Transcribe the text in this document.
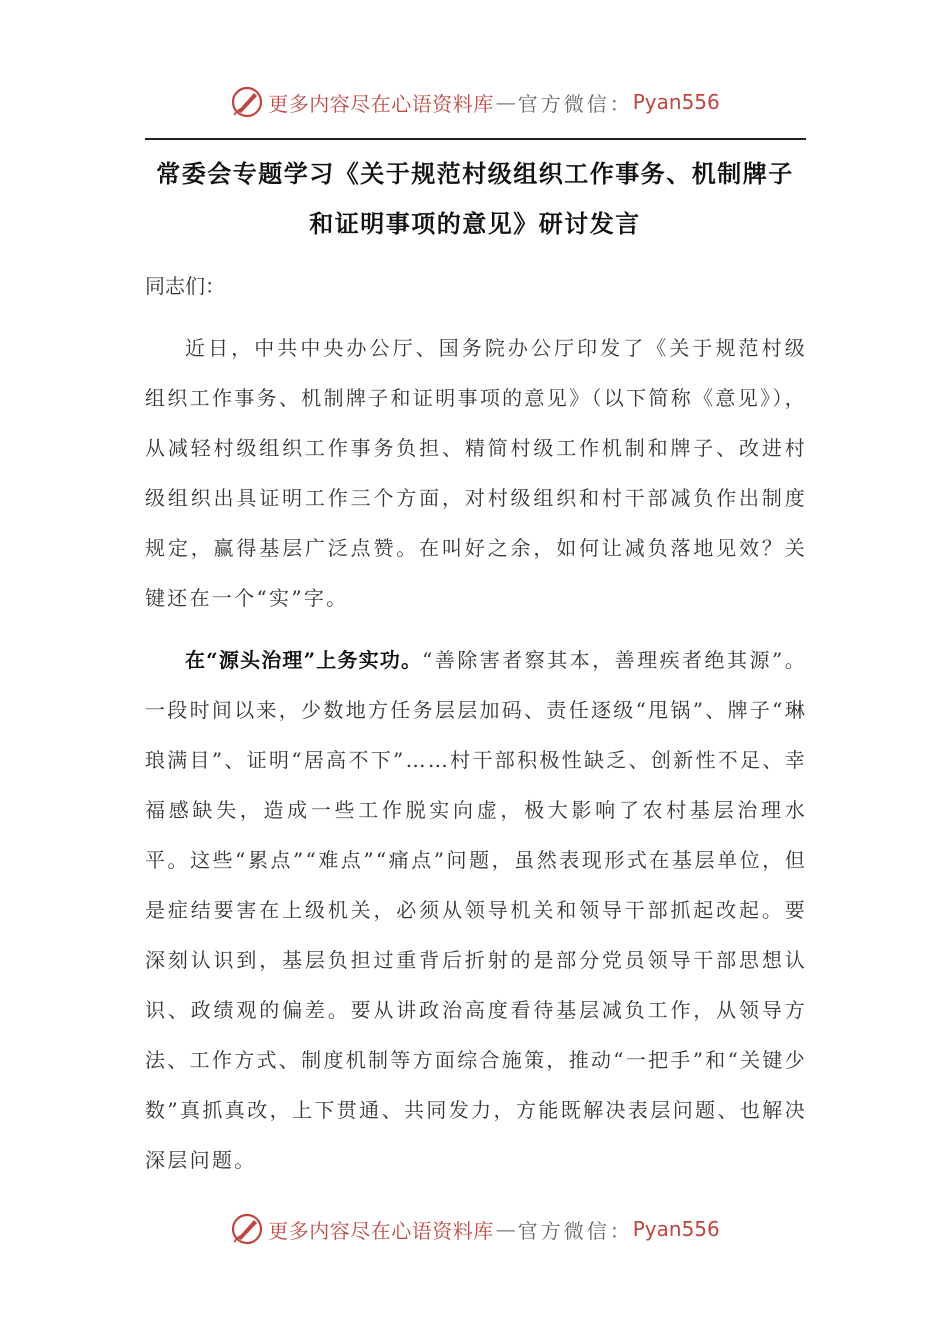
更多内容尽在心语资料库 — 官方微信： Pyan556
常委会专题学习《关于规范村级组织工作事务、机制牌子
和证明事项的意见》研讨发言
同志们：
近日，中共中央办公厅、国务院办公厅印发了《关于规范村级组织工作事务、机制牌子和证明事项的意见》（以下简称《意见》），从减轻村级组织工作事务负担、精简村级工作机制和牌子、改进村级组织出具证明工作三个方面，对村级组织和村干部减负作出制度规定，赢得基层广泛点赞。在叫好之余，如何让减负落地见效？关键还在一个“实”字。
在“源头治理”上务实功。“善除害者察其本，善理疾者绝其源”。一段时间以来，少数地方任务层层加码、责任逐级“甩锅”、牌子“琳琅满目”、证明“居高不下”……村干部积极性缺乏、创新性不足、幸福感缺失，造成一些工作脱实向虚，极大影响了农村基层治理水平。这些“累点”“难点”“痛点”问题，虽然表现形式在基层单位，但是症结要害在上级机关，必须从领导机关和领导干部抓起改起。要深刻认识到，基层负担过重背后折射的是部分党员领导干部思想认识、政绩观的偏差。要从讲政治高度看待基层减负工作，从领导方法、工作方式、制度机制等方面综合施策，推动“一把手”和“关键少数”真抓真改，上下贯通、共同发力，方能既解决表层问题、也解决深层问题。
更多内容尽在心语资料库 — 官方微信： Pyan556
